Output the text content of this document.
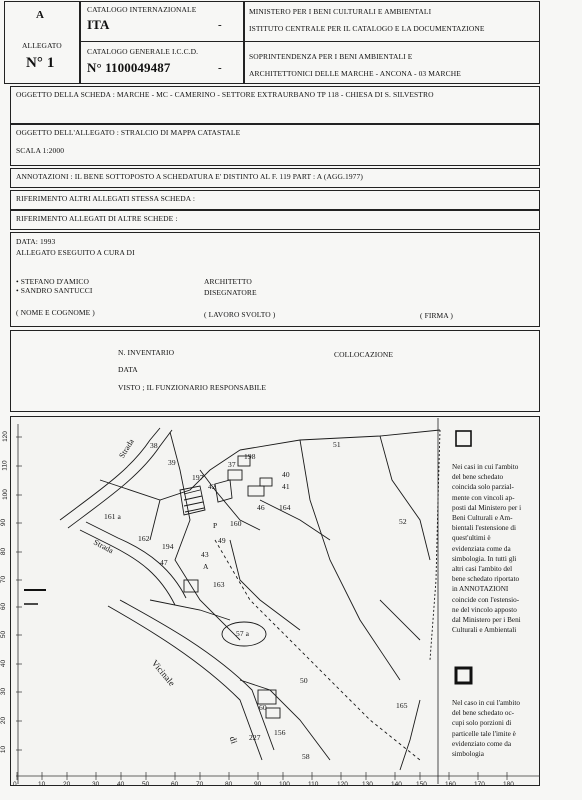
A
ALLEGATO
N° 1
CATALOGO INTERNAZIONALE
ITA	-
CATALOGO GENERALE I.C.C.D.
N° 1100049487	-
MINISTERO PER I BENI CULTURALI E AMBIENTALI
ISTITUTO CENTRALE PER IL CATALOGO E LA DOCUMENTAZIONE
SOPRINTENDENZA PER I BENI AMBIENTALI E
ARCHITETTONICI DELLE MARCHE - ANCONA - 03 MARCHE
OGGETTO DELLA SCHEDA : MARCHE - MC - CAMERINO - SETTORE EXTRAURBANO TP 118 - CHIESA DI S. SILVESTRO
OGGETTO DELL'ALLEGATO : STRALCIO DI MAPPA CATASTALE
SCALA 1:2000
ANNOTAZIONI : IL BENE SOTTOPOSTO A SCHEDATURA E' DISTINTO AL F. 119 PART : A (AGG.1977)
RIFERIMENTO ALTRI ALLEGATI STESSA SCHEDA :
RIFERIMENTO ALLEGATI DI ALTRE SCHEDE :
DATA: 1993
ALLEGATO ESEGUITO A CURA DI
• STEFANO D'AMICO
• SANDRO SANTUCCI
ARCHITETTO
DISEGNATORE
( NOME E COGNOME )	( LAVORO SVOLTO )	( FIRMA )
N. INVENTARIO	COLLOCAZIONE
DATA
VISTO ; IL FUNZIONARIO RESPONSABILE
Strada
Strada
Vicinale
di
38
39
51
161 a
162
197
198
37
40
41
42
46 164
160
P
194
47
43
A
49
163
52
57 a
165
50
60
227
156
58
120
110
100
90
80
70
60
50
40
30
20
10
0	10	20	30	40	50	60	70	80	90	100	110	120 130	140 150	160	170	180
Nei casi in cui l'ambito
del bene schedato
coincida solo parzial-
mente con vincoli ap-
posti dal Ministero per i
Beni Culturali e Am-
bientali l'estensione di
quest'ultimi è
evidenziata come da
simbologia. In tutti gli
altri casi l'ambito del
bene schedato riportato
in ANNOTAZIONI
coincide con l'estensio-
ne del vincolo apposto
dal Ministero per i Beni
Culturali e Ambientali
Nel caso in cui l'ambito
del bene schedato oc-
cupi solo porzioni di
particelle tale l'imite è
evidenziato come da
simbologia
